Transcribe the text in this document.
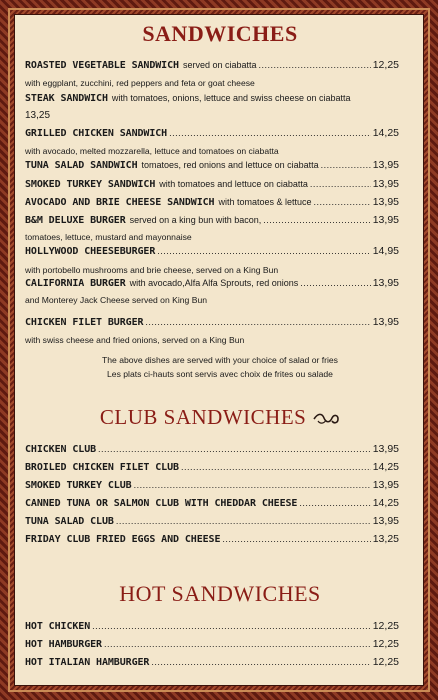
SANDWICHES
ROASTED VEGETABLE SANDWICH served on ciabatta .....	12,25
with eggplant, zucchini, red peppers and feta or goat cheese
STEAK SANDWICH with tomatoes, onions, lettuce and swiss cheese on ciabatta
13,25
GRILLED CHICKEN SANDWICH .....	14,25
with avocado, melted mozzarella, lettuce and tomatoes on ciabatta
TUNA SALAD SANDWICH tomatoes, red onions and lettuce on ciabatta .....	13,95
SMOKED TURKEY SANDWICH with tomatoes and lettuce on ciabatta .....	13,95
AVOCADO AND BRIE CHEESE SANDWICH with tomatoes & lettuce .....	13,95
B&M DELUXE BURGER served on a king bun with bacon, .....	13,95
tomatoes, lettuce, mustard and mayonnaise
HOLLYWOOD CHEESEBURGER .....	14,95
with portobello mushrooms and brie cheese, served on a King Bun
CALIFORNIA BURGER with avocado,Alfa Alfa Sprouts, red onions .....	13,95
and Monterey Jack Cheese served on King Bun
CHICKEN FILET BURGER .....	13,95
with swiss cheese and fried onions, served on a King Bun
The above dishes are served with your choice of salad or fries
Les plats ci-hauts sont servis avec choix de frites ou salade
CLUB SANDWICHES
CHICKEN CLUB .....	13,95
BROILED CHICKEN FILET CLUB .....	14,25
SMOKED TURKEY CLUB .....	13,95
CANNED TUNA OR SALMON CLUB WITH CHEDDAR CHEESE .....	14,25
TUNA SALAD CLUB .....	13,95
FRIDAY CLUB FRIED EGGS AND CHEESE .....	13,25
HOT SANDWICHES
HOT CHICKEN .....	12,25
HOT HAMBURGER .....	12,25
HOT ITALIAN HAMBURGER .....	12,25
